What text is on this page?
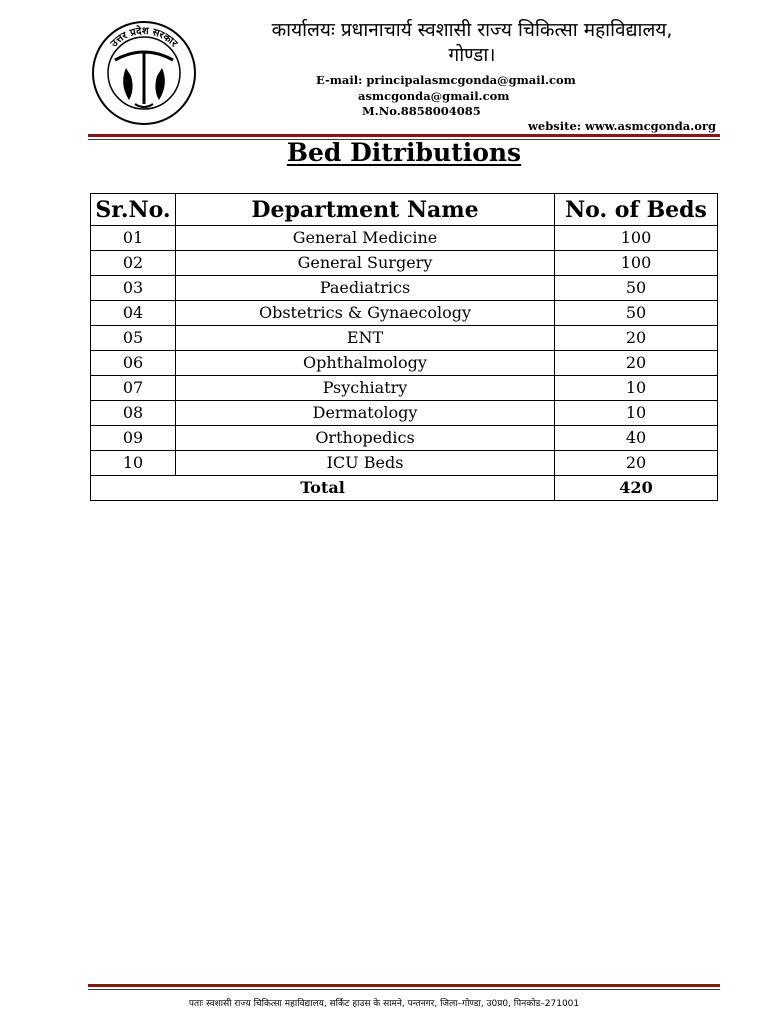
उत्तर प्रदेश सरकार
कार्यालयः प्रधानाचार्य स्वशासी राज्य चिकित्सा महाविद्यालय,
गोण्डा।
E-mail: principalasmcgonda@gmail.com
asmcgonda@gmail.com
M.No.8858004085
website: www.asmcgonda.org
Bed Ditributions
Sr.No.	Department Name	No. of Beds
01	General Medicine	100
02	General Surgery	100
03	Paediatrics	50
04	Obstetrics & Gynaecology	50
05	ENT	20
06	Ophthalmology	20
07	Psychiatry	10
08	Dermatology	10
09	Orthopedics	40
10	ICU Beds	20
Total		420
पताः स्वशासी राज्य चिकित्सा महाविद्यालय, सर्किट हाउस के सामने, पन्तनगर, जिला–गोण्डा, उ0प्र0, पिनकोड–271001
